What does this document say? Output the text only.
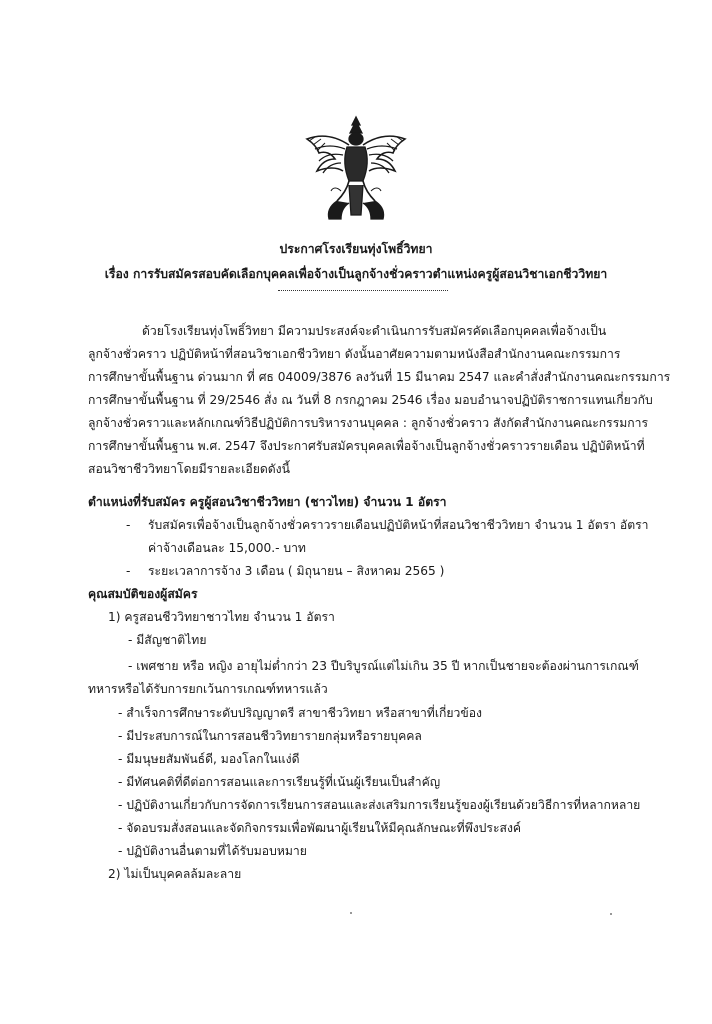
ประกาศโรงเรียนทุ่งโพธิ์วิทยา
เรื่อง การรับสมัครสอบคัดเลือกบุคคลเพื่อจ้างเป็นลูกจ้างชั่วคราวตำแหน่งครูผู้สอนวิชาเอกชีววิทยา
ด้วยโรงเรียนทุ่งโพธิ์วิทยา มีความประสงค์จะดำเนินการรับสมัครคัดเลือกบุคคลเพื่อจ้างเป็น
ลูกจ้างชั่วคราว ปฏิบัติหน้าที่สอนวิชาเอกชีววิทยา ดังนั้นอาศัยความตามหนังสือสำนักงานคณะกรรมการ
การศึกษาขั้นพื้นฐาน ด่วนมาก ที่ ศธ 04009/3876 ลงวันที่ 15 มีนาคม 2547 และคำสั่งสำนักงานคณะกรรมการ
การศึกษาขั้นพื้นฐาน ที่ 29/2546 สั่ง ณ วันที่ 8 กรกฎาคม 2546 เรื่อง มอบอำนาจปฏิบัติราชการแทนเกี่ยวกับ
ลูกจ้างชั่วคราวและหลักเกณฑ์วิธีปฏิบัติการบริหารงานบุคคล : ลูกจ้างชั่วคราว สังกัดสำนักงานคณะกรรมการ
การศึกษาขั้นพื้นฐาน พ.ศ. 2547 จึงประกาศรับสมัครบุคคลเพื่อจ้างเป็นลูกจ้างชั่วคราวรายเดือน ปฏิบัติหน้าที่
สอนวิชาชีววิทยาโดยมีรายละเอียดดังนี้
ตำแหน่งที่รับสมัคร ครูผู้สอนวิชาชีววิทยา (ชาวไทย) จำนวน 1 อัตรา
- รับสมัครเพื่อจ้างเป็นลูกจ้างชั่วคราวรายเดือนปฏิบัติหน้าที่สอนวิชาชีววิทยา จำนวน 1 อัตรา อัตรา
ค่าจ้างเดือนละ 15,000.- บาท
- ระยะเวลาการจ้าง 3 เดือน ( มิถุนายน – สิงหาคม 2565 )
คุณสมบัติของผู้สมัคร
1) ครูสอนชีววิทยาชาวไทย จำนวน 1 อัตรา
- มีสัญชาติไทย
- เพศชาย หรือ หญิง อายุไม่ต่ำกว่า 23 ปีบริบูรณ์แต่ไม่เกิน 35 ปี หากเป็นชายจะต้องผ่านการเกณฑ์
ทหารหรือได้รับการยกเว้นการเกณฑ์ทหารแล้ว
- สำเร็จการศึกษาระดับปริญญาตรี สาขาชีววิทยา หรือสาขาที่เกี่ยวข้อง
- มีประสบการณ์ในการสอนชีววิทยารายกลุ่มหรือรายบุคคล
- มีมนุษยสัมพันธ์ดี, มองโลกในแง่ดี
- มีทัศนคติที่ดีต่อการสอนและการเรียนรู้ที่เน้นผู้เรียนเป็นสำคัญ
- ปฏิบัติงานเกี่ยวกับการจัดการเรียนการสอนและส่งเสริมการเรียนรู้ของผู้เรียนด้วยวิธีการที่หลากหลาย
- จัดอบรมสั่งสอนและจัดกิจกรรมเพื่อพัฒนาผู้เรียนให้มีคุณลักษณะที่พึงประสงค์
- ปฏิบัติงานอื่นตามที่ได้รับมอบหมาย
2) ไม่เป็นบุคคลล้มละลาย
